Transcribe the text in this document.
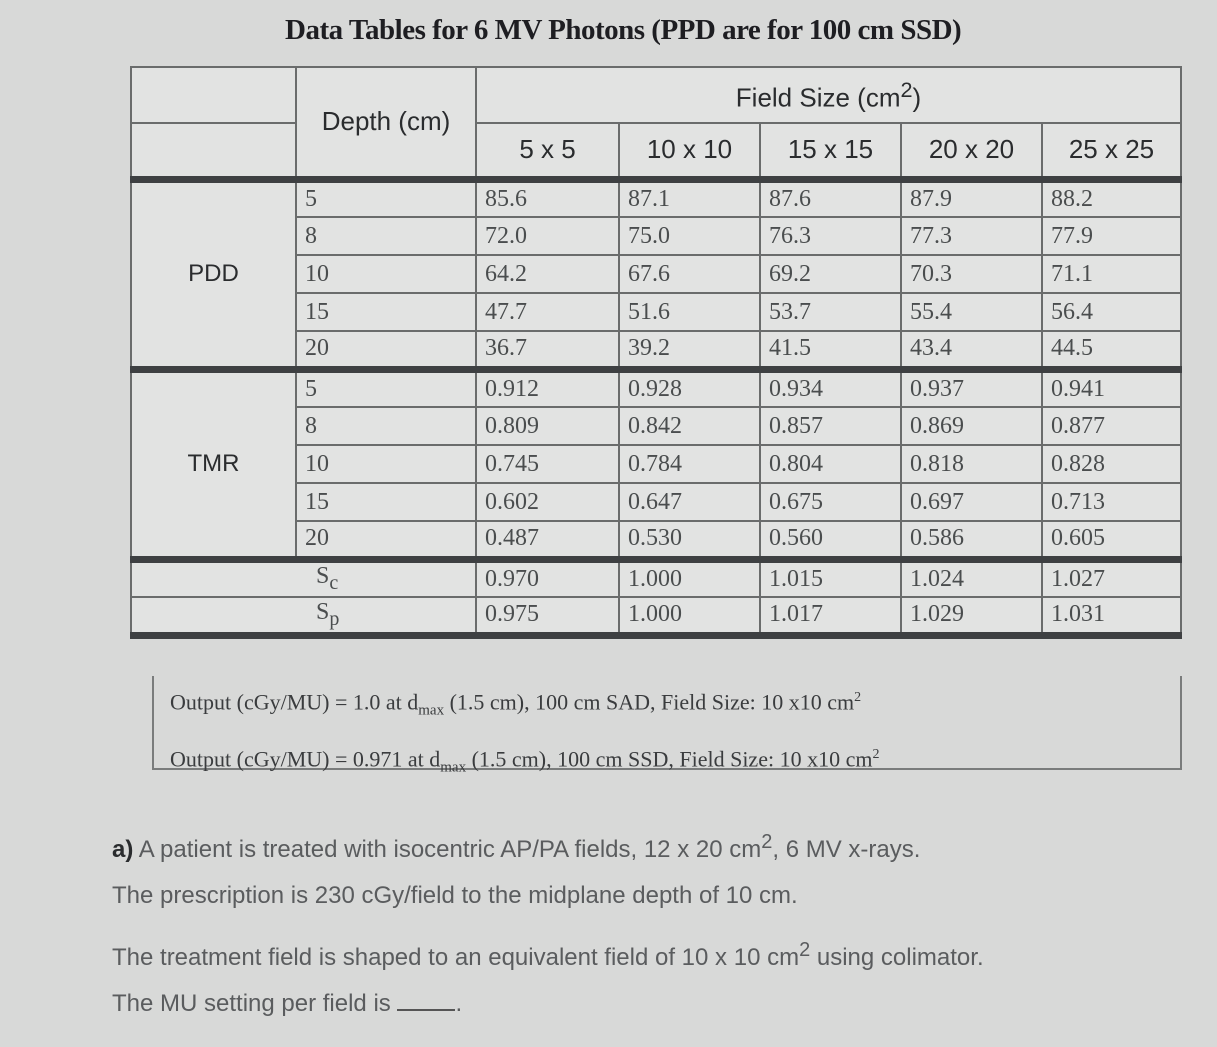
Data Tables for 6 MV Photons (PPD are for 100 cm SSD)
	Depth (cm)	Field Size $(cm^2)$				
		5 x 5	10 x 10	15 x 15	20 x 20	25 x 25
PDD	5	85.6	87.1	87.6	87.9	88.2
	8	72.0	75.0	76.3	77.3	77.9
	10	64.2	67.6	69.2	70.3	71.1
	15	47.7	51.6	53.7	55.4	56.4
	20	36.7	39.2	41.5	43.4	44.5
TMR	5	0.912	0.928	0.934	0.937	0.941
	8	0.809	0.842	0.857	0.869	0.877
	10	0.745	0.784	0.804	0.818	0.828
	15	0.602	0.647	0.675	0.697	0.713
	20	0.487	0.530	0.560	0.586	0.605
	$S_c$	0.970	1.000	1.015	1.024	1.027
	$S_p$	0.975	1.000	1.017	1.029	1.031
Output (cGy/MU) = 1.0 at $d_{max}$ (1.5 cm), 100 cm SAD, Field Size: 10 x10 $cm^2$
Output (cGy/MU) = 0.971 at $d_{max}$ (1.5 cm), 100 cm SSD, Field Size: 10 x10 $cm^2$

a) A patient is treated with isocentric AP/PA fields, 12 x 20 $cm^2$, 6 MV x-rays.

The prescription is 230 cGy/field to the midplane depth of 10 cm.

The treatment field is shaped to an equivalent field of 10 x 10 $cm^2$ using colimator.

The MU setting per field is .
